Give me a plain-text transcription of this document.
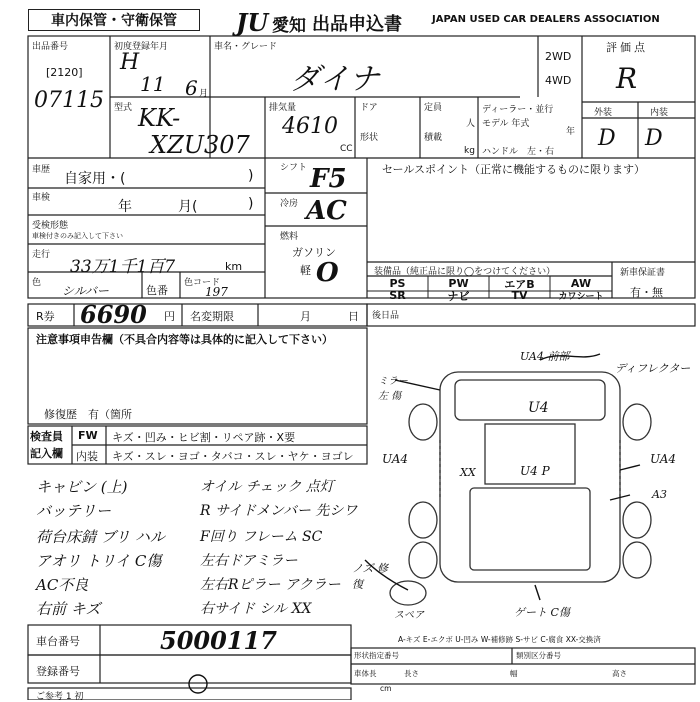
車内保管・守衛保管	JU 愛知 出品申込書	JAPAN USED CAR DEALERS ASSOCIATION
出品番号
[2120]
07115
初度登録年月
H
11 6 月
車名・グレード
ダイナ
2WD
4WD
評価点
R
外装	内装
D D
型式 KK-
XZU307
排気量
4610
CC
ドア
形状
定員
人
積載
kg
ディーラー・並行
モデル 年式
年
ハンドル　左・右
車歴
自家用・(	)
車検
年	月(	)
受検形態
車検付きのみ記入して下さい
走行
33万1千1百7	km
色
シルバー	色番
色コード
197
シフト F5
冷房 AC
燃料
ガソリン
軽 O
セールスポイント（正常に機能するものに限ります）
装備品（純正品に限り◯をつけてください）
PS	PW	エアB	AW
SR	ナビ	TV	カワシート
新車保証書
有・無
R券 6690 円 名変期限	月	日 後日品
注意事項申告欄（不具合内容等は具体的に記入して下さい）
修復歴　有（箇所
検査員 記入欄
FW キズ・凹み・ヒビ割・リペア跡・X要
内装 キズ・スレ・ヨゴ・タバコ・スレ・ヤケ・ヨゴレ
キャビン (上)
バッテリー
荷台床錆 ブリ ハル
アオリ トリイ C傷
AC不良
右前 キズ
オイル チェック 点灯
R サイドメンバー 先シワ
F回り フレーム SC
左右ドアミラー
左右Rピラー アクラー
右サイド シル XX
UA4 前部
ミラー 左 傷
ディフレクター
U4
UA4	UA4
XX	U4 P
A3
ノズ 修復
スペア	ゲート C傷
A-キズ E-エクボ U-凹み W-補修跡 S-サビ C-腐食 XX-交換済
車台番号	5000117
登録番号
形状指定番号	類別区分番号
車体長	長さ	幅	高さ
cm
ご参考 1 初
